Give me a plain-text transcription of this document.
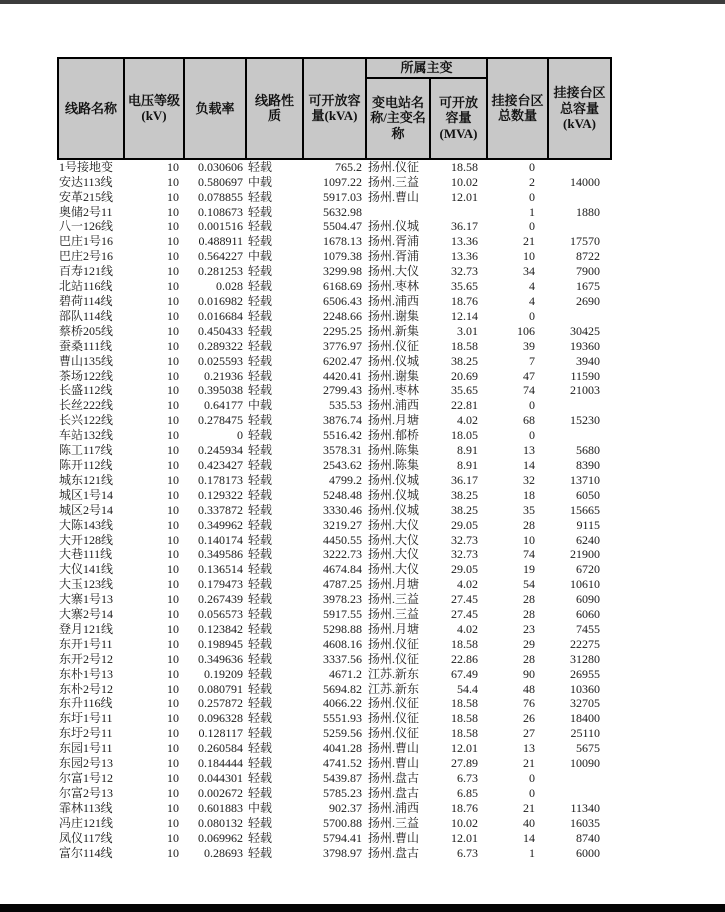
线路名称	电压等级(kV)	负载率	线路性质	可开放容量(kVA)	所属主变		挂接台区总数量	挂接台区总容量(kVA)
					变电站名称/主变名称	可开放容量(MVA)		
1号接地变	10	0.030606	轻载	765.2	扬州.仪征	18.58	0	
安达113线	10	0.580697	中载	1097.22	扬州.三益	10.02	2	14000
安革215线	10	0.078855	轻载	5917.03	扬州.曹山	12.01	0	
奥储2号11	10	0.108673	轻载	5632.98			1	1880
八一126线	10	0.001516	轻载	5504.47	扬州.仪城	36.17	0	
巴庄1号16	10	0.488911	轻载	1678.13	扬州.胥浦	13.36	21	17570
巴庄2号16	10	0.564227	中载	1079.38	扬州.胥浦	13.36	10	8722
百寿121线	10	0.281253	轻载	3299.98	扬州.大仪	32.73	34	7900
北站116线	10	0.028	轻载	6168.69	扬州.枣林	35.65	4	1675
碧荷114线	10	0.016982	轻载	6506.43	扬州.浦西	18.76	4	2690
部队114线	10	0.016684	轻载	2248.66	扬州.谢集	12.14	0	
蔡桥205线	10	0.450433	轻载	2295.25	扬州.新集	3.01	106	30425
蚕桑111线	10	0.289322	轻载	3776.97	扬州.仪征	18.58	39	19360
曹山135线	10	0.025593	轻载	6202.47	扬州.仪城	38.25	7	3940
茶场122线	10	0.21936	轻载	4420.41	扬州.谢集	20.69	47	11590
长盛112线	10	0.395038	轻载	2799.43	扬州.枣林	35.65	74	21003
长丝222线	10	0.64177	中载	535.53	扬州.浦西	22.81	0	
长兴122线	10	0.278475	轻载	3876.74	扬州.月塘	4.02	68	15230
车站132线	10	0	轻载	5516.42	扬州.郁桥	18.05	0	
陈工117线	10	0.245934	轻载	3578.31	扬州.陈集	8.91	13	5680
陈开112线	10	0.423427	轻载	2543.62	扬州.陈集	8.91	14	8390
城东121线	10	0.178173	轻载	4799.2	扬州.仪城	36.17	32	13710
城区1号14	10	0.129322	轻载	5248.48	扬州.仪城	38.25	18	6050
城区2号14	10	0.337872	轻载	3330.46	扬州.仪城	38.25	35	15665
大陈143线	10	0.349962	轻载	3219.27	扬州.大仪	29.05	28	9115
大开128线	10	0.140174	轻载	4450.55	扬州.大仪	32.73	10	6240
大巷111线	10	0.349586	轻载	3222.73	扬州.大仪	32.73	74	21900
大仪141线	10	0.136514	轻载	4674.84	扬州.大仪	29.05	19	6720
大玉123线	10	0.179473	轻载	4787.25	扬州.月塘	4.02	54	10610
大寨1号13	10	0.267439	轻载	3978.23	扬州.三益	27.45	28	6090
大寨2号14	10	0.056573	轻载	5917.55	扬州.三益	27.45	28	6060
登月121线	10	0.123842	轻载	5298.88	扬州.月塘	4.02	23	7455
东开1号11	10	0.198945	轻载	4608.16	扬州.仪征	18.58	29	22275
东开2号12	10	0.349636	轻载	3337.56	扬州.仪征	22.86	28	31280
东朴1号13	10	0.19209	轻载	4671.2	江苏.新东	67.49	90	26955
东朴2号12	10	0.080791	轻载	5694.82	江苏.新东	54.4	48	10360
东升116线	10	0.257872	轻载	4066.22	扬州.仪征	18.58	76	32705
东圩1号11	10	0.096328	轻载	5551.93	扬州.仪征	18.58	26	18400
东圩2号11	10	0.128117	轻载	5259.56	扬州.仪征	18.58	27	25110
东园1号11	10	0.260584	轻载	4041.28	扬州.曹山	12.01	13	5675
东园2号13	10	0.184444	轻载	4741.52	扬州.曹山	27.89	21	10090
尔富1号12	10	0.044301	轻载	5439.87	扬州.盘古	6.73	0	
尔富2号13	10	0.002672	轻载	5785.23	扬州.盘古	6.85	0	
霏林113线	10	0.601883	中载	902.37	扬州.浦西	18.76	21	11340
冯庄121线	10	0.080132	轻载	5700.88	扬州.三益	10.02	40	16035
凤仪117线	10	0.069962	轻载	5794.41	扬州.曹山	12.01	14	8740
富尔114线	10	0.28693	轻载	3798.97	扬州.盘古	6.73	1	6000
